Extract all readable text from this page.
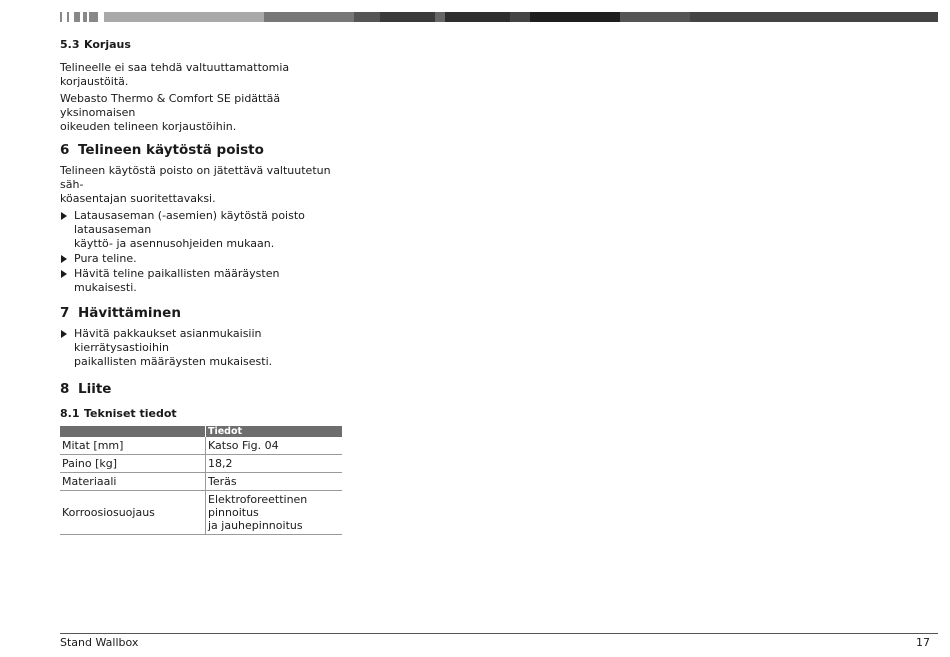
5.3 Korjaus

Telineelle ei saa tehdä valtuuttamattomia korjaustöitä.

Webasto Thermo & Comfort SE pidättää yksinomaisen
oikeuden telineen korjaustöihin.

6 Telineen käytöstä poisto

Telineen käytöstä poisto on jätettävä valtuutetun säh-
köasentajan suoritettavaksi.

Latausaseman (-asemien) käytöstä poisto latausaseman
käyttö- ja asennusohjeiden mukaan.
Pura teline.
Hävitä teline paikallisten määräysten mukaisesti.
7 Hävittäminen
Hävitä pakkaukset asianmukaisiin kierrätysastioihin
paikallisten määräysten mukaisesti.
8 Liite
8.1 Tekniset tiedot
	Tiedot
Mitat [mm]	Katso Fig. 04
Paino [kg]	18,2
Materiaali	Teräs
Korroosiosuojaus	Elektroforeettinen pinnoitus
ja jauhepinnoitus
Stand Wallbox	17
